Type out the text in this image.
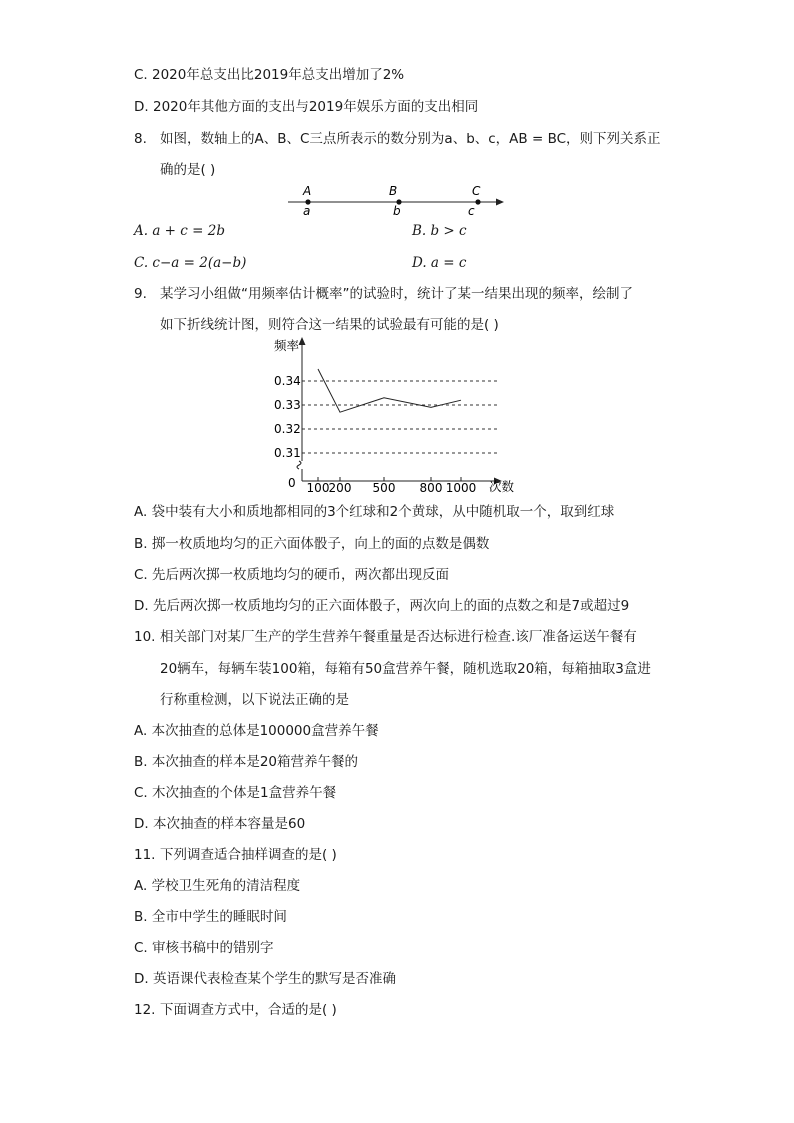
C. 2020年总支出比2019年总支出增加了2%
D. 2020年其他方面的支出与2019年娱乐方面的支出相同
8. 如图，数轴上的A、B、C三点所表示的数分别为a、b、c，AB = BC，则下列关系正
确的是( )
A	B	C
a	b	c
A. a + c = 2b	B. b > c
C. c−a = 2(a−b)	D. a = c
9. 某学习小组做“用频率估计概率”的试验时，统计了某一结果出现的频率，绘制了
如下折线统计图，则符合这一结果的试验最有可能的是( )
频率
次数
0
0.31
0.32
0.33
0.34
100 200 500 800 1000
A. 袋中装有大小和质地都相同的3个红球和2个黄球，从中随机取一个，取到红球
B. 掷一枚质地均匀的正六面体骰子，向上的面的点数是偶数
C. 先后两次掷一枚质地均匀的硬币，两次都出现反面
D. 先后两次掷一枚质地均匀的正六面体骰子，两次向上的面的点数之和是7或超过9
10. 相关部门对某厂生产的学生营养午餐重量是否达标进行检查.该厂准备运送午餐有
20辆车，每辆车装100箱，每箱有50盒营养午餐，随机选取20箱，每箱抽取3盒进
行称重检测，以下说法正确的是
A. 本次抽查的总体是100000盒营养午餐
B. 本次抽查的样本是20箱营养午餐的
C. 木次抽查的个体是1盒营养午餐
D. 本次抽查的样本容量是60
11. 下列调查适合抽样调查的是( )
A. 学校卫生死角的清洁程度
B. 全市中学生的睡眠时间
C. 审核书稿中的错别字
D. 英语课代表检查某个学生的默写是否准确
12. 下面调查方式中，合适的是( )
